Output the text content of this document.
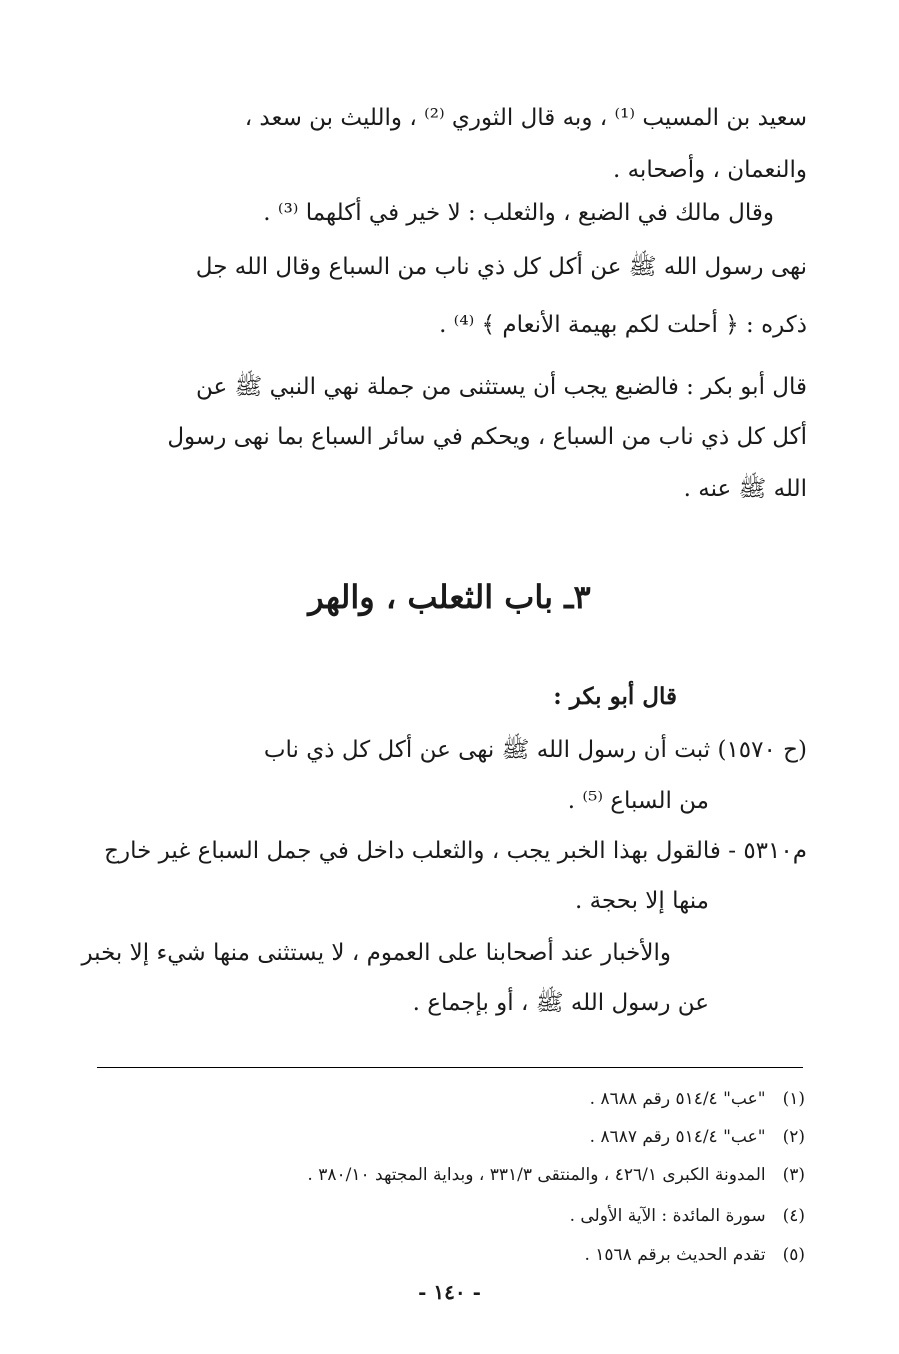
سعيد بن المسيب ⁽¹⁾ ، وبه قال الثوري ⁽²⁾ ، والليث بن سعد ،
والنعمان ، وأصحابه .
وقال مالك في الضبع ، والثعلب : لا خير في أكلهما ⁽³⁾ .
نهى رسول الله ﷺ عن أكل كل ذي ناب من السباع وقال الله جل
ذكره : ﴿ أحلت لكم بهيمة الأنعام ﴾ ⁽⁴⁾ .
قال أبو بكر : فالضبع يجب أن يستثنى من جملة نهي النبي ﷺ عن
أكل كل ذي ناب من السباع ، ويحكم في سائر السباع بما نهى رسول
الله ﷺ عنه .
٣ـ باب الثعلب ، والهر
قال أبو بكر :
(ح ١٥٧٠) ثبت أن رسول الله ﷺ نهى عن أكل كل ذي ناب
من السباع ⁽⁵⁾ .
م٥٣١٠ - فالقول بهذا الخبر يجب ، والثعلب داخل في جمل السباع غير خارج
منها إلا بحجة .
والأخبار عند أصحابنا على العموم ، لا يستثنى منها شيء إلا بخبر
عن رسول الله ﷺ ، أو بإجماع .
(١) "عب" ٥١٤/٤ رقم ٨٦٨٨ .
(٢) "عب" ٥١٤/٤ رقم ٨٦٨٧ .
(٣) المدونة الكبرى ٤٢٦/١ ، والمنتقى ٣٣١/٣ ، وبداية المجتهد ٣٨٠/١٠ .
(٤) سورة المائدة : الآية الأولى .
(٥) تقدم الحديث برقم ١٥٦٨ .
- ١٤٠ -
